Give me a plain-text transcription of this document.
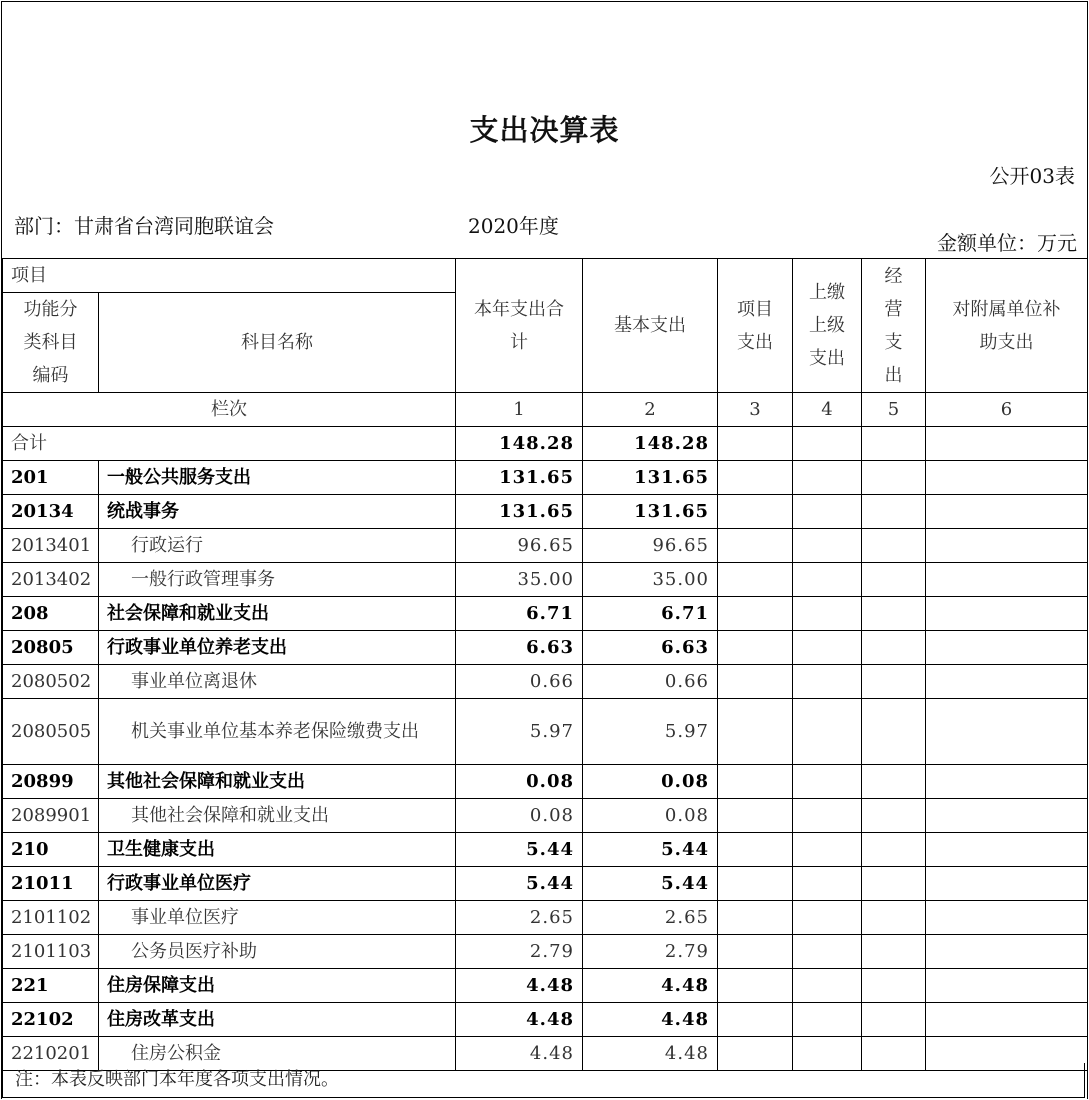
支出决算表
公开03表
部门：甘肃省台湾同胞联谊会	2020年度
金额单位：万元
项目		本年支出合计	基本支出	项目支出	上缴上级支出	经营支出	对附属单位补助支出
功能分类科目编码	科目名称						
栏次		1	2	3	4	5	6
合计		148.28	148.28				
201	一般公共服务支出	131.65	131.65				
20134	统战事务	131.65	131.65				
2013401	行政运行	96.65	96.65				
2013402	一般行政管理事务	35.00	35.00				
208	社会保障和就业支出	6.71	6.71				
20805	行政事业单位养老支出	6.63	6.63				
2080502	事业单位离退休	0.66	0.66				
2080505	机关事业单位基本养老保险缴费支出	5.97	5.97				
20899	其他社会保障和就业支出	0.08	0.08				
2089901	其他社会保障和就业支出	0.08	0.08				
210	卫生健康支出	5.44	5.44				
21011	行政事业单位医疗	5.44	5.44				
2101102	事业单位医疗	2.65	2.65				
2101103	公务员医疗补助	2.79	2.79				
221	住房保障支出	4.48	4.48				
22102	住房改革支出	4.48	4.48				
2210201	住房公积金	4.48	4.48				
注：本表反映部门本年度各项支出情况。
